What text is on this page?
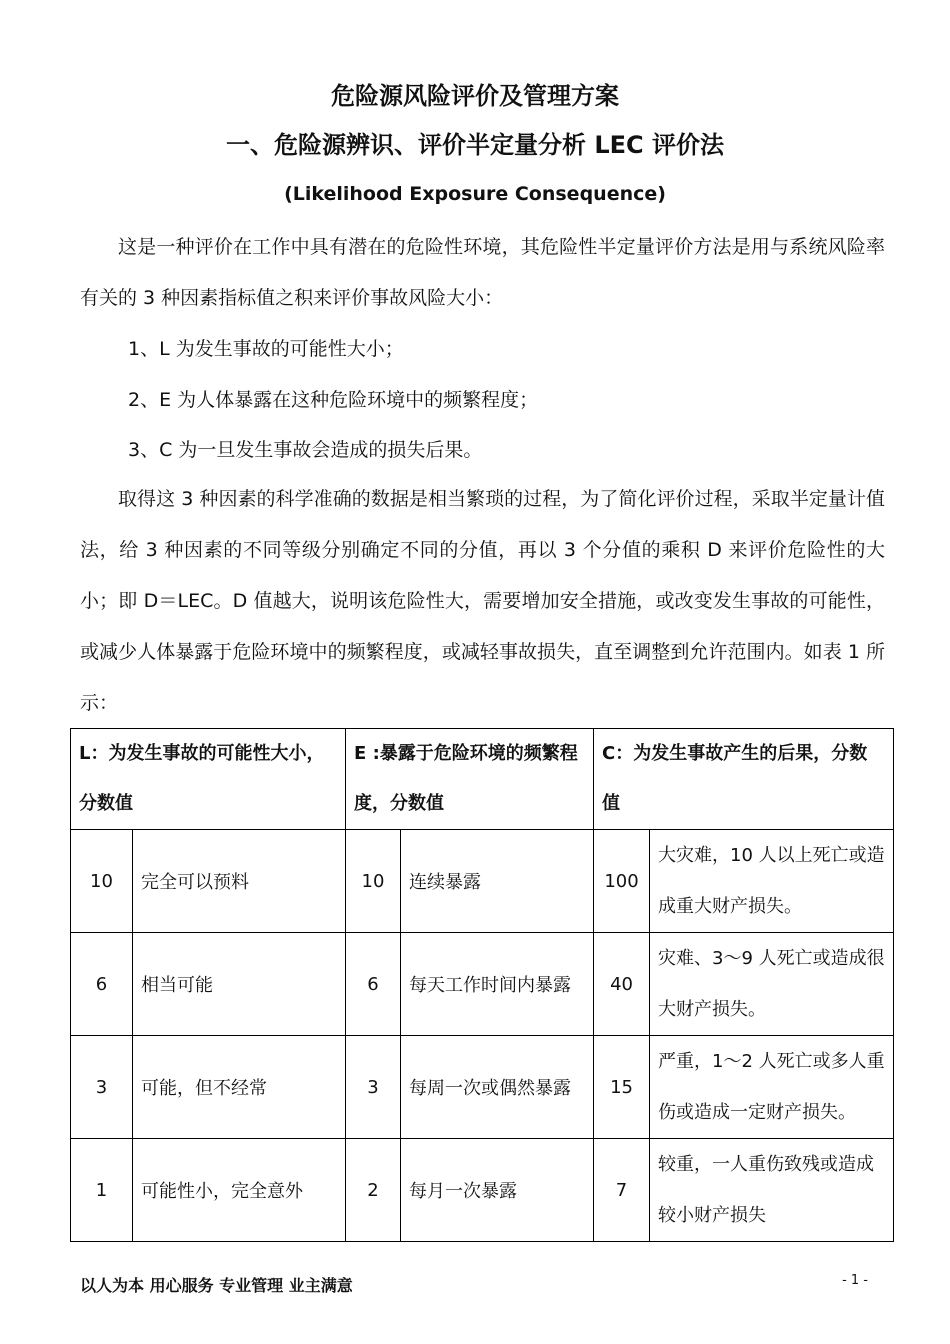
危险源风险评价及管理方案
一、危险源辨识、评价半定量分析 LEC 评价法
(Likelihood Exposure Consequence)

这是一种评价在工作中具有潜在的危险性环境，其危险性半定量评价方法是用与系统风险率有关的 3 种因素指标值之积来评价事故风险大小：

1、L 为发生事故的可能性大小；
2、E 为人体暴露在这种危险环境中的频繁程度；
3、C 为一旦发生事故会造成的损失后果。

取得这 3 种因素的科学准确的数据是相当繁琐的过程，为了简化评价过程，采取半定量计值法，给 3 种因素的不同等级分别确定不同的分值，再以 3 个分值的乘积 D 来评价危险性的大小；即 D＝LEC。D 值越大，说明该危险性大，需要增加安全措施，或改变发生事故的可能性，或减少人体暴露于危险环境中的频繁程度，或减轻事故损失，直至调整到允许范围内。如表 1 所示：

L：为发生事故的可能性大小，分数值		E :暴露于危险环境的频繁程度，分数值		C：为发生事故产生的后果，分数值	
10	完全可以预料	10	连续暴露	100	大灾难，10 人以上死亡或造成重大财产损失。
6	相当可能	6	每天工作时间内暴露	40	灾难、3～9 人死亡或造成很大财产损失。
3	可能，但不经常	3	每周一次或偶然暴露	15	严重，1～2 人死亡或多人重伤或造成一定财产损失。
1	可能性小，完全意外	2	每月一次暴露	7	较重，一人重伤致残或造成较小财产损失
以人为本 用心服务 专业管理 业主满意	- 1 -
